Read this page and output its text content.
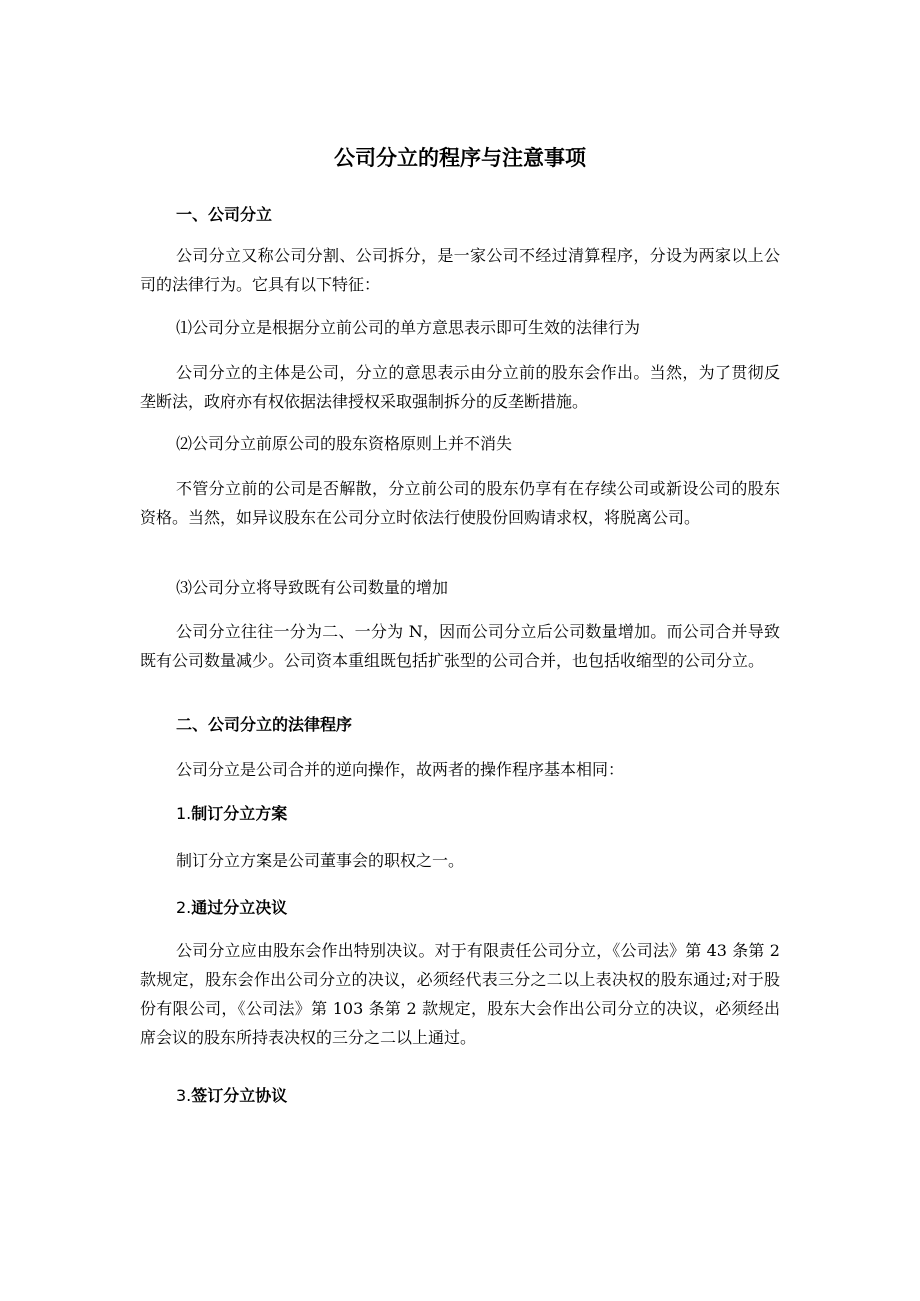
公司分立的程序与注意事项
一、公司分立

公司分立又称公司分割、公司拆分，是一家公司不经过清算程序，分设为两家以上公司的法律行为。它具有以下特征：

⑴公司分立是根据分立前公司的单方意思表示即可生效的法律行为

公司分立的主体是公司，分立的意思表示由分立前的股东会作出。当然，为了贯彻反垄断法，政府亦有权依据法律授权采取强制拆分的反垄断措施。

⑵公司分立前原公司的股东资格原则上并不消失

不管分立前的公司是否解散，分立前公司的股东仍享有在存续公司或新设公司的股东资格。当然，如异议股东在公司分立时依法行使股份回购请求权，将脱离公司。

⑶公司分立将导致既有公司数量的增加

公司分立往往一分为二、一分为 N，因而公司分立后公司数量增加。而公司合并导致既有公司数量减少。公司资本重组既包括扩张型的公司合并，也包括收缩型的公司分立。

二、公司分立的法律程序

公司分立是公司合并的逆向操作，故两者的操作程序基本相同：

1.制订分立方案

制订分立方案是公司董事会的职权之一。

2.通过分立决议

公司分立应由股东会作出特别决议。对于有限责任公司分立，《公司法》第 43 条第 2 款规定，股东会作出公司分立的决议，必须经代表三分之二以上表决权的股东通过;对于股份有限公司，《公司法》第 103 条第 2 款规定，股东大会作出公司分立的决议，必须经出席会议的股东所持表决权的三分之二以上通过。

3.签订分立协议
